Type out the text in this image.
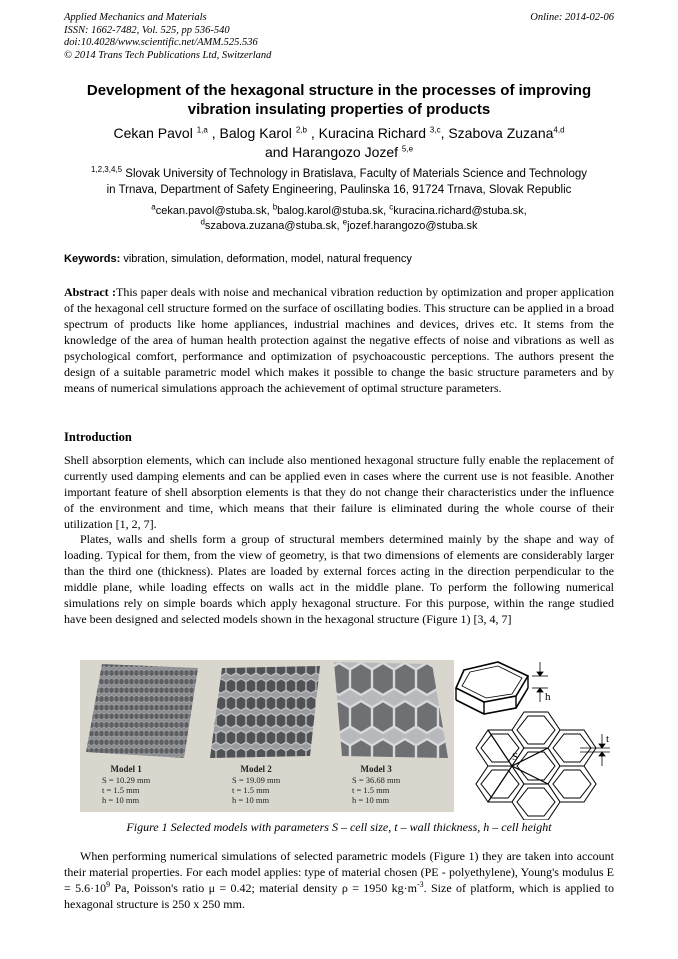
Applied Mechanics and Materials
ISSN: 1662-7482, Vol. 525, pp 536-540
doi:10.4028/www.scientific.net/AMM.525.536
© 2014 Trans Tech Publications Ltd, Switzerland
Online: 2014-02-06
Development of the hexagonal structure in the processes of improving
vibration insulating properties of products
Cekan Pavol $^{1,a}$ , Balog Karol $^{2,b}$ , Kuracina Richard $^{3,c}$, Szabova Zuzana$^{4,d}$
and Harangozo Jozef $^{5,e}$
$^{1,2,3,4,5}$ Slovak University of Technology in Bratislava, Faculty of Materials Science and Technology
in Trnava, Department of Safety Engineering, Paulinska 16, 91724 Trnava, Slovak Republic
$^a$cekan.pavol@stuba.sk, $^b$balog.karol@stuba.sk, $^c$kuracina.richard@stuba.sk,
$^d$szabova.zuzana@stuba.sk, $^e$jozef.harangozo@stuba.sk
Keywords: vibration, simulation, deformation, model, natural frequency

Abstract :This paper deals with noise and mechanical vibration reduction by optimization and proper application of the hexagonal cell structure formed on the surface of oscillating bodies. This structure can be applied in a broad spectrum of products like home appliances, industrial machines and devices, drives etc. It stems from the knowledge of the area of human health protection against the negative effects of noise and vibrations as well as psychological comfort, performance and optimization of psychoacoustic perceptions. The authors present the design of a suitable parametric model which makes it possible to change the basic structure parameters and by means of numerical simulations approach the achievement of optimal structure parameters.

Introduction

Shell absorption elements, which can include also mentioned hexagonal structure fully enable the replacement of currently used damping elements and can be applied even in cases where the current use is not feasible. Another important feature of shell absorption elements is that they do not change their characteristics under the influence of the environment and time, which means that their failure is eliminated during the whole course of their utilization [1, 2, 7].

Plates, walls and shells form a group of structural members determined mainly by the shape and way of loading. Typical for them, from the view of geometry, is that two dimensions of elements are considerably larger than the third one (thickness). Plates are loaded by external forces acting in the direction perpendicular to the middle plane, while loading effects on walls act in the middle plane. To perform the following numerical simulations rely on simple boards which apply hexagonal structure. For this purpose, within the range studied have been designed and selected models shown in the hexagonal structure (Figure 1) [3, 4, 7]

Model 1
S = 10.29 mm
t = 1.5 mm
h = 10 mm
Model 2
S = 19.09 mm
t = 1.5 mm
h = 10 mm
Model 3
S = 36.68 mm
t = 1.5 mm
h = 10 mm
h
S
t
Figure 1 Selected models with parameters S – cell size, t – wall thickness, h – cell height

When performing numerical simulations of selected parametric models (Figure 1) they are taken into account their material properties. For each model applies: type of material chosen (PE - polyethylene), Young's modulus $E = 5.6\cdot 10^9$ Pa, Poisson's ratio μ = 0.42; material density ρ = 1950 $kg\cdot m^{-3}$. Size of platform, which is applied to hexagonal structure is 250 x 250 mm.
